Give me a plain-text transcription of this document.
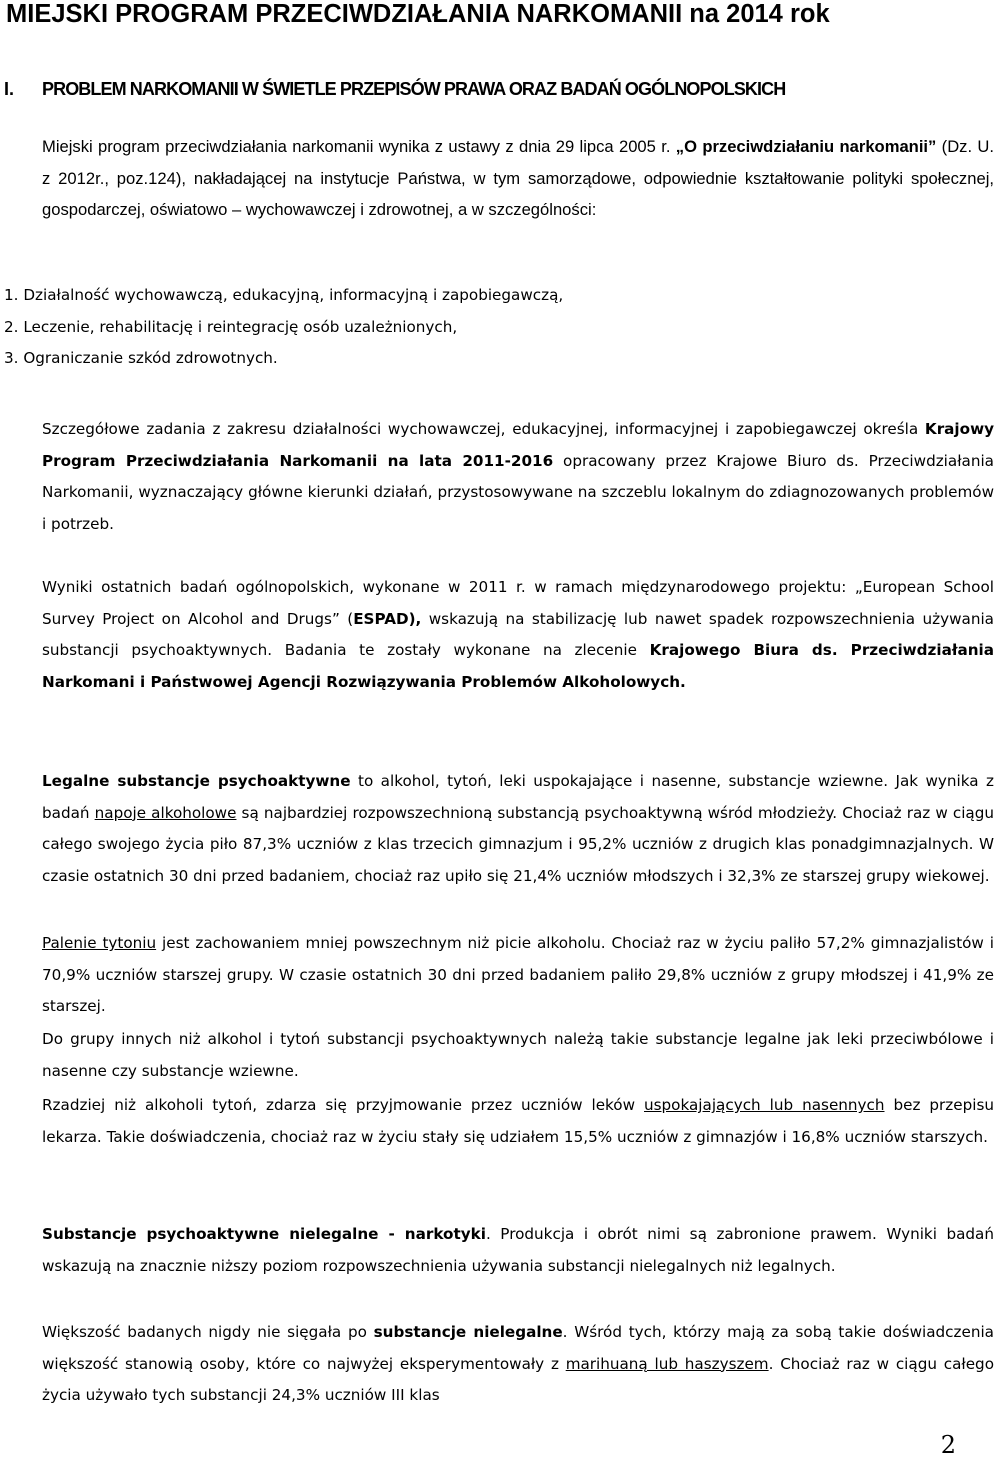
MIEJSKI PROGRAM PRZECIWDZIAŁANIA NARKOMANII na 2014 rok
I. PROBLEM NARKOMANII W ŚWIETLE PRZEPISÓW PRAWA ORAZ BADAŃ OGÓLNOPOLSKICH

Miejski program przeciwdziałania narkomanii wynika z ustawy z dnia 29 lipca 2005 r. „O przeciwdziałaniu narkomanii” (Dz. U. z 2012r., poz.124), nakładającej na instytucje Państwa, w tym samorządowe, odpowiednie kształtowanie polityki społecznej, gospodarczej, oświatowo – wychowawczej i zdrowotnej, a w szczególności:

1. Działalność wychowawczą, edukacyjną, informacyjną i zapobiegawczą,
2. Leczenie, rehabilitację i reintegrację osób uzależnionych,
3. Ograniczanie szkód zdrowotnych.

Szczegółowe zadania z zakresu działalności wychowawczej, edukacyjnej, informacyjnej i zapobiegawczej określa Krajowy Program Przeciwdziałania Narkomanii na lata 2011-2016 opracowany przez Krajowe Biuro ds. Przeciwdziałania Narkomanii, wyznaczający główne kierunki działań, przystosowywane na szczeblu lokalnym do zdiagnozowanych problemów i potrzeb.

Wyniki ostatnich badań ogólnopolskich, wykonane w 2011 r. w ramach międzynarodowego projektu: „European School Survey Project on Alcohol and Drugs” (ESPAD), wskazują na stabilizację lub nawet spadek rozpowszechnienia używania substancji psychoaktywnych. Badania te zostały wykonane na zlecenie Krajowego Biura ds. Przeciwdziałania Narkomani i Państwowej Agencji Rozwiązywania Problemów Alkoholowych.

Legalne substancje psychoaktywne to alkohol, tytoń, leki uspokajające i nasenne, substancje wziewne. Jak wynika z badań napoje alkoholowe są najbardziej rozpowszechnioną substancją psychoaktywną wśród młodzieży. Chociaż raz w ciągu całego swojego życia piło 87,3% uczniów z klas trzecich gimnazjum i 95,2% uczniów z drugich klas ponadgimnazjalnych. W czasie ostatnich 30 dni przed badaniem, chociaż raz upiło się 21,4% uczniów młodszych i 32,3% ze starszej grupy wiekowej.

Palenie tytoniu jest zachowaniem mniej powszechnym niż picie alkoholu. Chociaż raz w życiu paliło 57,2% gimnazjalistów i 70,9% uczniów starszej grupy. W czasie ostatnich 30 dni przed badaniem paliło 29,8% uczniów z grupy młodszej i 41,9% ze starszej.

Do grupy innych niż alkohol i tytoń substancji psychoaktywnych należą takie substancje legalne jak leki przeciwbólowe i nasenne czy substancje wziewne.

Rzadziej niż alkoholi tytoń, zdarza się przyjmowanie przez uczniów leków uspokajających lub nasennych bez przepisu lekarza. Takie doświadczenia, chociaż raz w życiu stały się udziałem 15,5% uczniów z gimnazjów i 16,8% uczniów starszych.

Substancje psychoaktywne nielegalne - narkotyki. Produkcja i obrót nimi są zabronione prawem. Wyniki badań wskazują na znacznie niższy poziom rozpowszechnienia używania substancji nielegalnych niż legalnych.

Większość badanych nigdy nie sięgała po substancje nielegalne. Wśród tych, którzy mają za sobą takie doświadczenia większość stanowią osoby, które co najwyżej eksperymentowały z marihuaną lub haszyszem. Chociaż raz w ciągu całego życia używało tych substancji 24,3% uczniów III klas

2
